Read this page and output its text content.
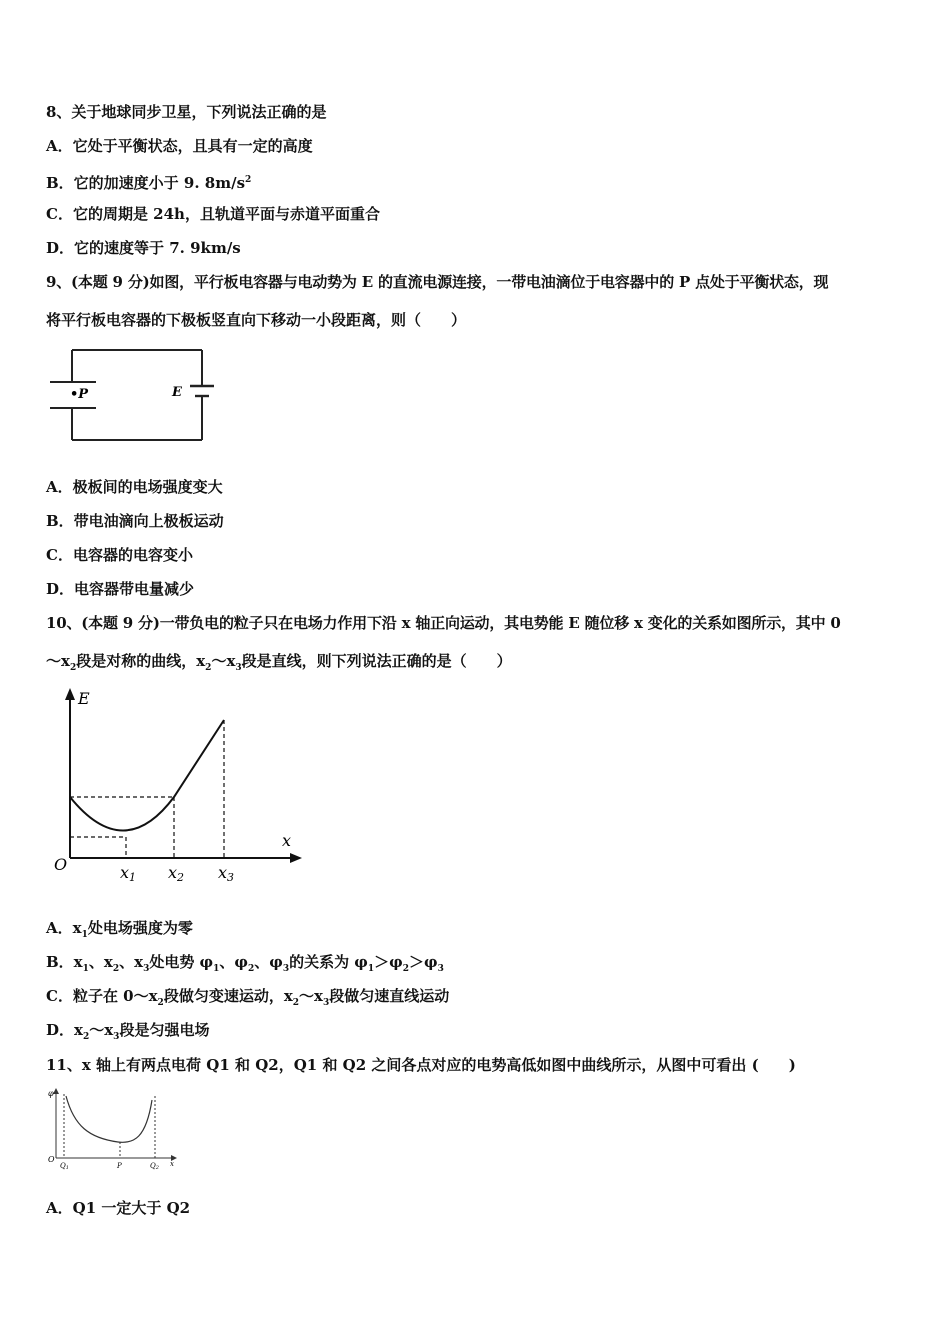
8、关于地球同步卫星，下列说法正确的是
A．它处于平衡状态，且具有一定的高度
B．它的加速度小于 9. $8m/s^2$
C．它的周期是 24h，且轨道平面与赤道平面重合
D．它的速度等于 7. 9km/s
9、(本题 9 分)如图，平行板电容器与电动势为 E 的直流电源连接，一带电油滴位于电容器中的 P 点处于平衡状态，现
将平行板电容器的下极板竖直向下移动一小段距离，则（　　）
•P	E
A．极板间的电场强度变大
B．带电油滴向上极板运动
C．电容器的电容变小
D．电容器带电量减少
10、(本题 9 分)一带负电的粒子只在电场力作用下沿 x 轴正向运动，其电势能 E 随位移 x 变化的关系如图所示，其中 0
$\sim x_2$段是对称的曲线，$x_2\sim x_3$段是直线，则下列说法正确的是（　　）
E
x
O	x1 x2 x3
A．$x_1$处电场强度为零
B．$x_1$、$x_2$、$x_3$处电势 $\varphi_1$、$\varphi_2$、$\varphi_3$的关系为 $\varphi_1>\varphi_2>\varphi_3$
C．粒子在 $0\sim x_2$段做匀变速运动，$x_2\sim x_3$段做匀速直线运动
D．$x_2\sim x_3$段是匀强电场
11、x 轴上有两点电荷 Q1 和 Q2，Q1 和 Q2 之间各点对应的电势高低如图中曲线所示，从图中可看出 (　　)
φ
O
Q1	P	Q2 x
A．Q1 一定大于 Q2
